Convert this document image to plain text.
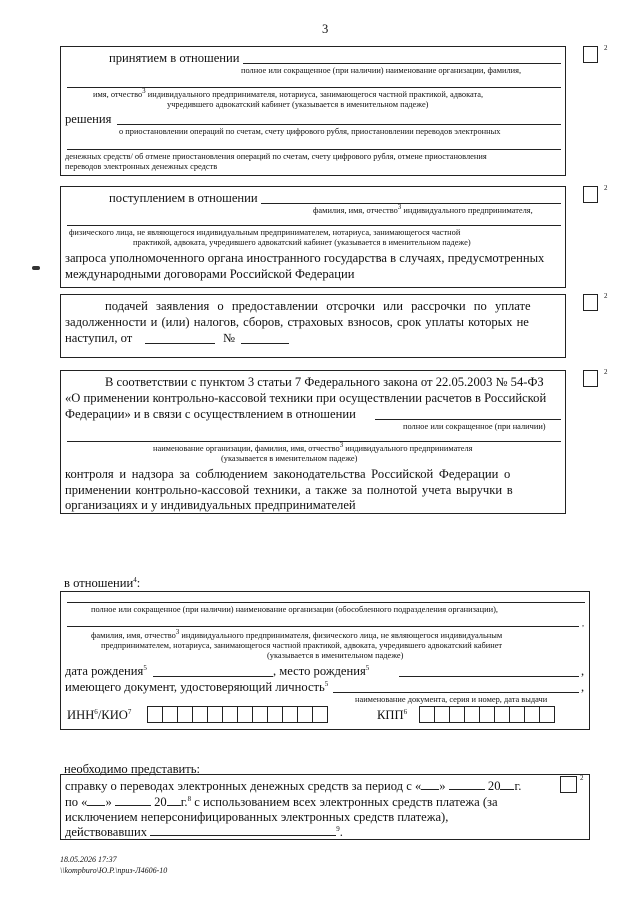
3
принятием в отношении
полное или сокращенное (при наличии) наименование организации, фамилия,
имя, отчество$^3$ индивидуального предпринимателя, нотариуса, занимающегося частной практикой, адвоката,
учредившего адвокатский кабинет (указывается в именительном падеже)
решения
о приостановлении операций по счетам, счету цифрового рубля, приостановлении переводов электронных
денежных средств/ об отмене приостановления операций по счетам, счету цифрового рубля, отмене приостановления
переводов электронных денежных средств
2
поступлением в отношении
фамилия, имя, отчество$^3$ индивидуального предпринимателя,
физического лица, не являющегося индивидуальным предпринимателем, нотариуса, занимающегося частной
практикой, адвоката, учредившего адвокатский кабинет (указывается в именительном падеже)
запроса уполномоченного органа иностранного государства в случаях, предусмотренных
международными договорами Российской Федерации
2
подачей заявления о предоставлении отсрочки или рассрочки по уплате
задолженности и (или) налогов, сборов, страховых взносов, срок уплаты которых не
наступил, от	№
2
В соответствии с пунктом 3 статьи 7 Федерального закона от 22.05.2003 № 54-ФЗ
«О применении контрольно-кассовой техники при осуществлении расчетов в Российской
Федерации» и в связи с осуществлением в отношении
полное или сокращенное (при наличии)
наименование организации, фамилия, имя, отчество$^3$ индивидуального предпринимателя
(указывается в именительном падеже)
контроля и надзора за соблюдением законодательства Российской Федерации о
применении контрольно-кассовой техники, а также за полнотой учета выручки в
организациях и у индивидуальных предпринимателей
2
в отношении$^4$:
полное или сокращенное (при наличии) наименование организации (обособленного подразделения организации),
,
фамилия, имя, отчество$^3$ индивидуального предпринимателя, физического лица, не являющегося индивидуальным
предпринимателем, нотариуса, занимающегося частной практикой, адвоката, учредившего адвокатский кабинет
(указывается в именительном падеже)
дата рождения$^5$	, место рождения$^5$	,
имеющего документ, удостоверяющий личность$^5$	,
наименование документа, серия и номер, дата выдачи
ИНН$^6$/КИО$^7$	КПП$^6$
необходимо представить:
справку о переводах электронных денежных средств за период с « »	20 г.
по « »	20 г.$^8$ с использованием всех электронных средств платежа (за
исключением неперсонифицированных электронных средств платежа),
действовавших	$^9$.
2
18.05.2026 17:37
\\kompburo\Ю.Р.\приз-Л4606-10
